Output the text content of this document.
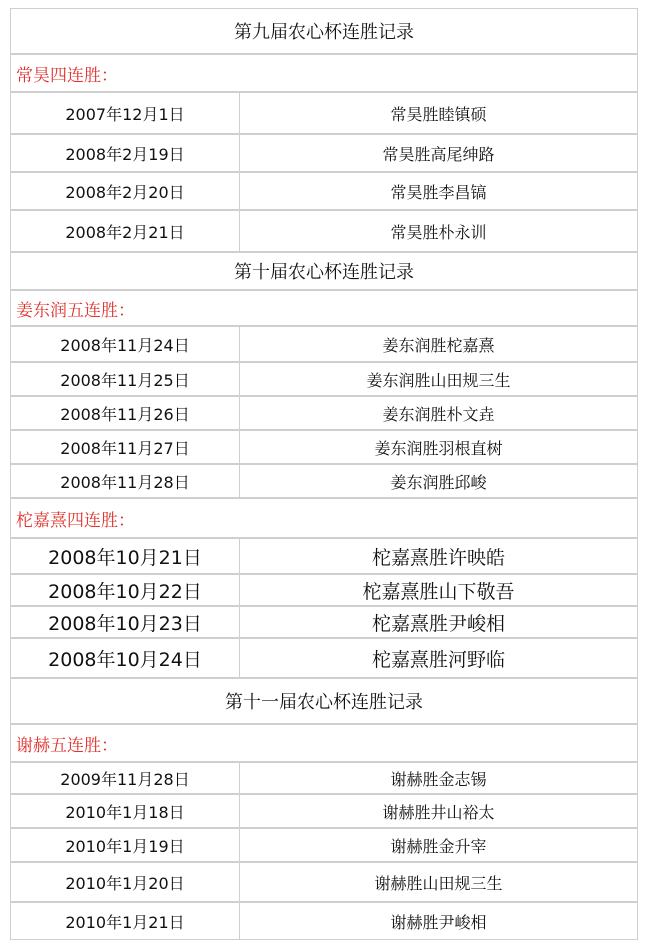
第九届农心杯连胜记录
常昊四连胜：
2007年12月1日	常昊胜睦镇硕
2008年2月19日	常昊胜高尾绅路
2008年2月20日	常昊胜李昌镐
2008年2月21日	常昊胜朴永训
第十届农心杯连胜记录
姜东润五连胜：
2008年11月24日	姜东润胜柁嘉熹
2008年11月25日	姜东润胜山田规三生
2008年11月26日	姜东润胜朴文垚
2008年11月27日	姜东润胜羽根直树
2008年11月28日	姜东润胜邱峻
柁嘉熹四连胜：
2008年10月21日	柁嘉熹胜许映皓
2008年10月22日	柁嘉熹胜山下敬吾
2008年10月23日	柁嘉熹胜尹峻相
2008年10月24日	柁嘉熹胜河野临
第十一届农心杯连胜记录
谢赫五连胜：
2009年11月28日	谢赫胜金志锡
2010年1月18日	谢赫胜井山裕太
2010年1月19日	谢赫胜金升宰
2010年1月20日	谢赫胜山田规三生
2010年1月21日	谢赫胜尹峻相
